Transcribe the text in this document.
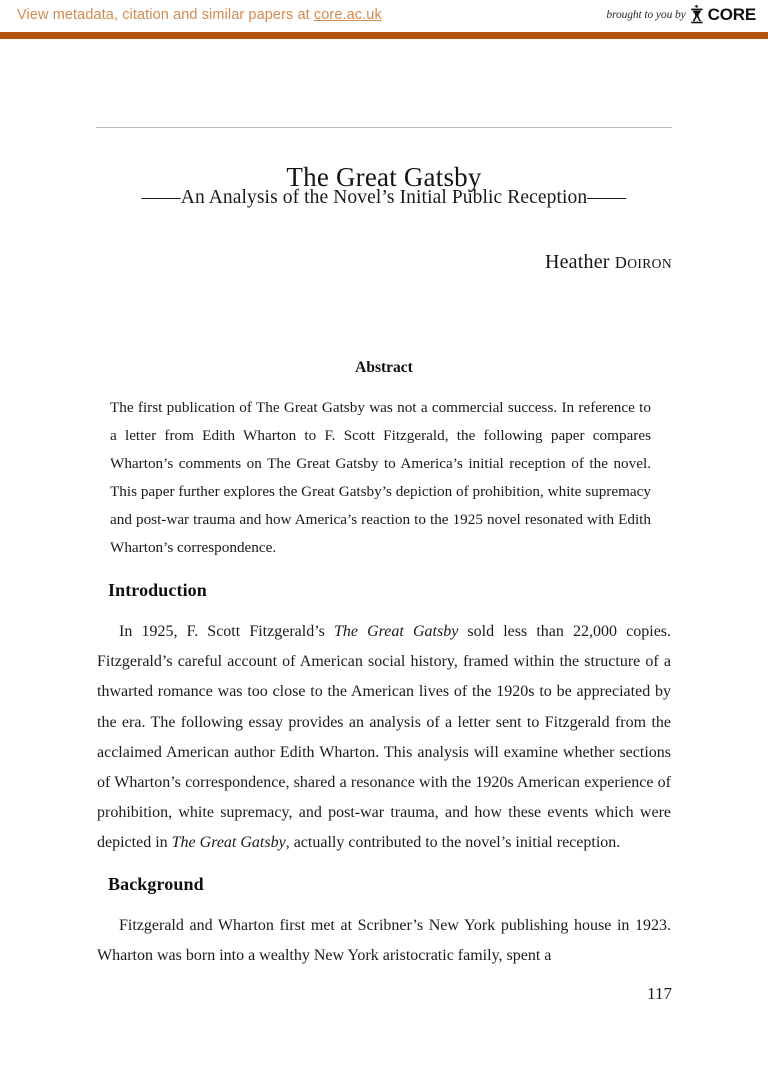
View metadata, citation and similar papers at core.ac.uk	brought to you by CORE
The Great Gatsby
——An Analysis of the Novel’s Initial Public Reception——
Heather DOIRON
Abstract
The first publication of The Great Gatsby was not a commercial success. In reference to a letter from Edith Wharton to F. Scott Fitzgerald, the following paper compares Wharton’s comments on The Great Gatsby to America’s initial reception of the novel. This paper further explores the Great Gatsby’s depiction of prohibition, white supremacy and post-war trauma and how America’s reaction to the 1925 novel resonated with Edith Wharton’s correspondence.
Introduction
In 1925, F. Scott Fitzgerald’s The Great Gatsby sold less than 22,000 copies. Fitzgerald’s careful account of American social history, framed within the structure of a thwarted romance was too close to the American lives of the 1920s to be appreciated by the era. The following essay provides an analysis of a letter sent to Fitzgerald from the acclaimed American author Edith Wharton. This analysis will examine whether sections of Wharton’s correspondence, shared a resonance with the 1920s American experience of prohibition, white supremacy, and post-war trauma, and how these events which were depicted in The Great Gatsby, actually contributed to the novel’s initial reception.
Background
Fitzgerald and Wharton first met at Scribner’s New York publishing house in 1923. Wharton was born into a wealthy New York aristocratic family, spent a
117
